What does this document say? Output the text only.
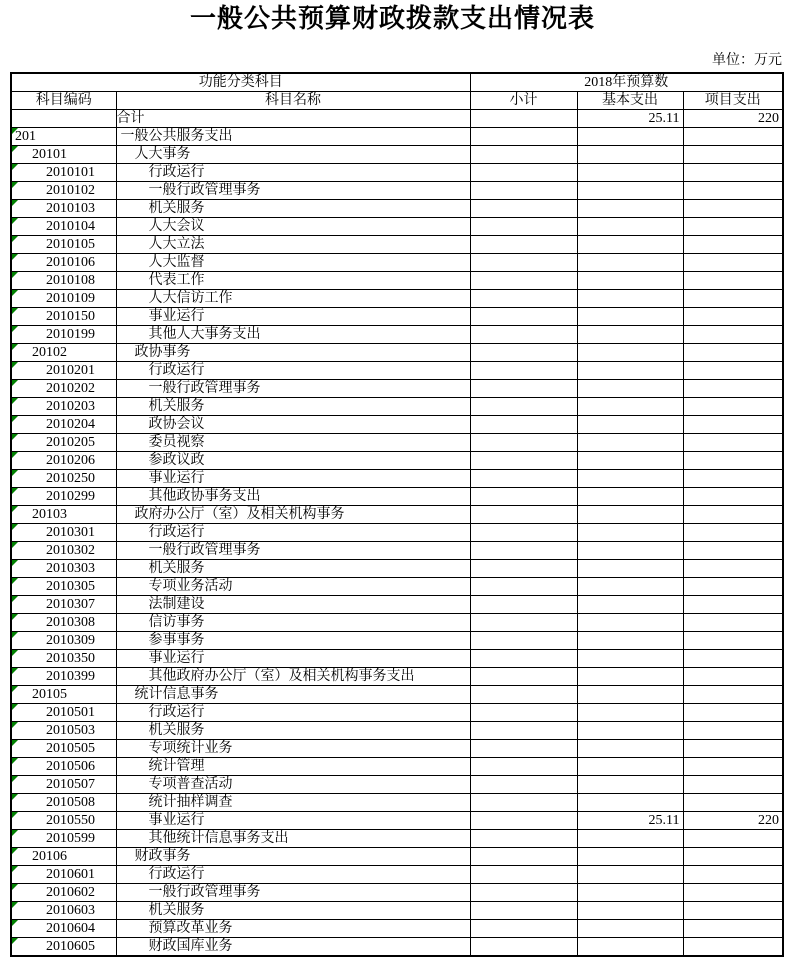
一般公共预算财政拨款支出情况表
单位：万元
功能分类科目		2018年预算数		
科目编码	科目名称	小计	基本支出	项目支出
	合计		25.11	220

201	一般公共服务支出			

20101	人大事务			

2010101	行政运行			

2010102	一般行政管理事务			

2010103	机关服务			

2010104	人大会议			

2010105	人大立法			

2010106	人大监督			

2010108	代表工作			

2010109	人大信访工作			

2010150	事业运行			

2010199	其他人大事务支出			

20102	政协事务			

2010201	行政运行			

2010202	一般行政管理事务			

2010203	机关服务			

2010204	政协会议			

2010205	委员视察			

2010206	参政议政			

2010250	事业运行			

2010299	其他政协事务支出			

20103	政府办公厅（室）及相关机构事务			

2010301	行政运行			

2010302	一般行政管理事务			

2010303	机关服务			

2010305	专项业务活动			

2010307	法制建设			

2010308	信访事务			

2010309	参事事务			

2010350	事业运行			

2010399	其他政府办公厅（室）及相关机构事务支出			

20105	统计信息事务			

2010501	行政运行			

2010503	机关服务			

2010505	专项统计业务			

2010506	统计管理			

2010507	专项普查活动			

2010508	统计抽样调查			

2010550	事业运行		25.11	220

2010599	其他统计信息事务支出			

20106	财政事务			

2010601	行政运行			

2010602	一般行政管理事务			

2010603	机关服务			

2010604	预算改革业务			

2010605	财政国库业务			
